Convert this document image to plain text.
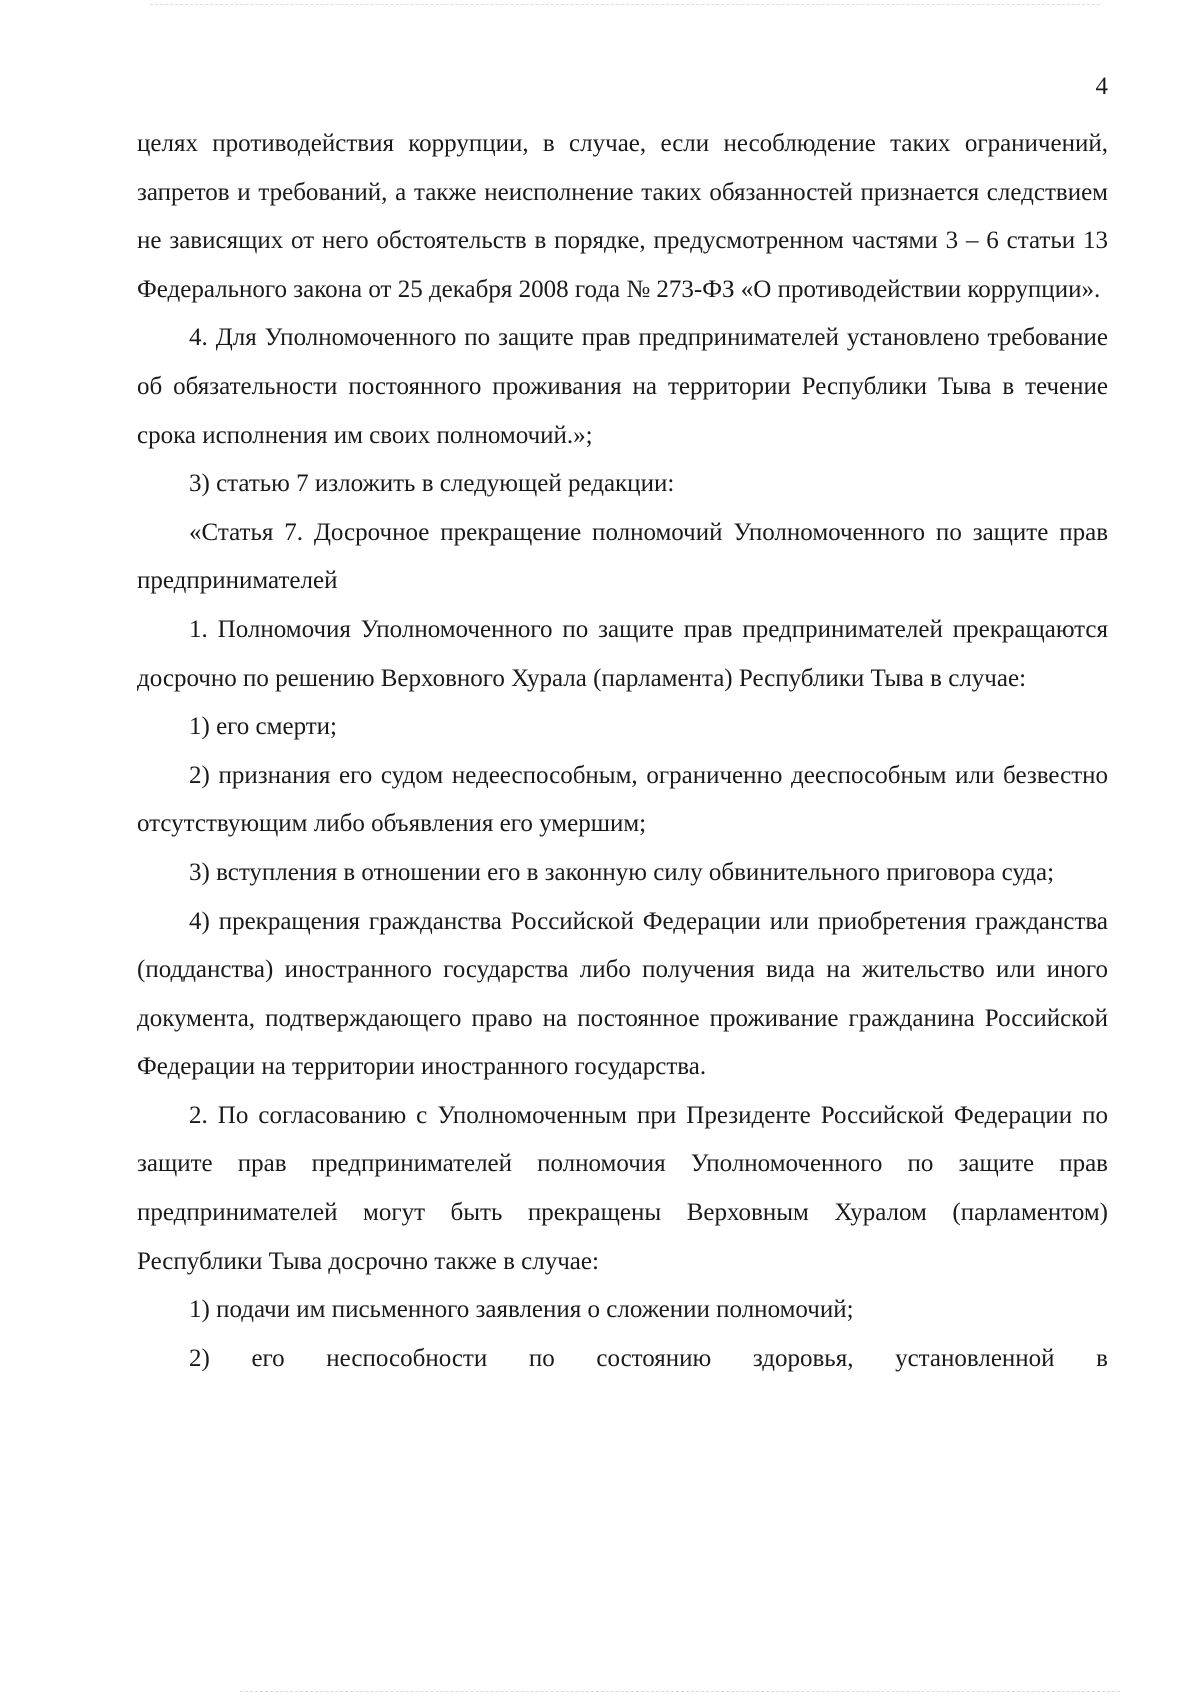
4

целях противодействия коррупции, в случае, если несоблюдение таких ограничений, запретов и требований, а также неисполнение таких обязанностей признается следствием не зависящих от него обстоятельств в порядке, предусмотренном частями 3 – 6 статьи 13 Федерального закона от 25 декабря 2008 года № 273-ФЗ «О противодействии коррупции».

4. Для Уполномоченного по защите прав предпринимателей установлено требование об обязательности постоянного проживания на территории Республики Тыва в течение срока исполнения им своих полномочий.»;

3) статью 7 изложить в следующей редакции:

«Статья 7. Досрочное прекращение полномочий Уполномоченного по защите прав предпринимателей

1. Полномочия Уполномоченного по защите прав предпринимателей прекращаются досрочно по решению Верховного Хурала (парламента) Республики Тыва в случае:

1) его смерти;

2) признания его судом недееспособным, ограниченно дееспособным или безвестно отсутствующим либо объявления его умершим;

3) вступления в отношении его в законную силу обвинительного приговора суда;

4) прекращения гражданства Российской Федерации или приобретения гражданства (подданства) иностранного государства либо получения вида на жительство или иного документа, подтверждающего право на постоянное проживание гражданина Российской Федерации на территории иностранного государства.

2. По согласованию с Уполномоченным при Президенте Российской Федерации по защите прав предпринимателей полномочия Уполномоченного по защите прав предпринимателей могут быть прекращены Верховным Хуралом (парламентом) Республики Тыва досрочно также в случае:

1) подачи им письменного заявления о сложении полномочий;

2) его неспособности по состоянию здоровья, установленной в
